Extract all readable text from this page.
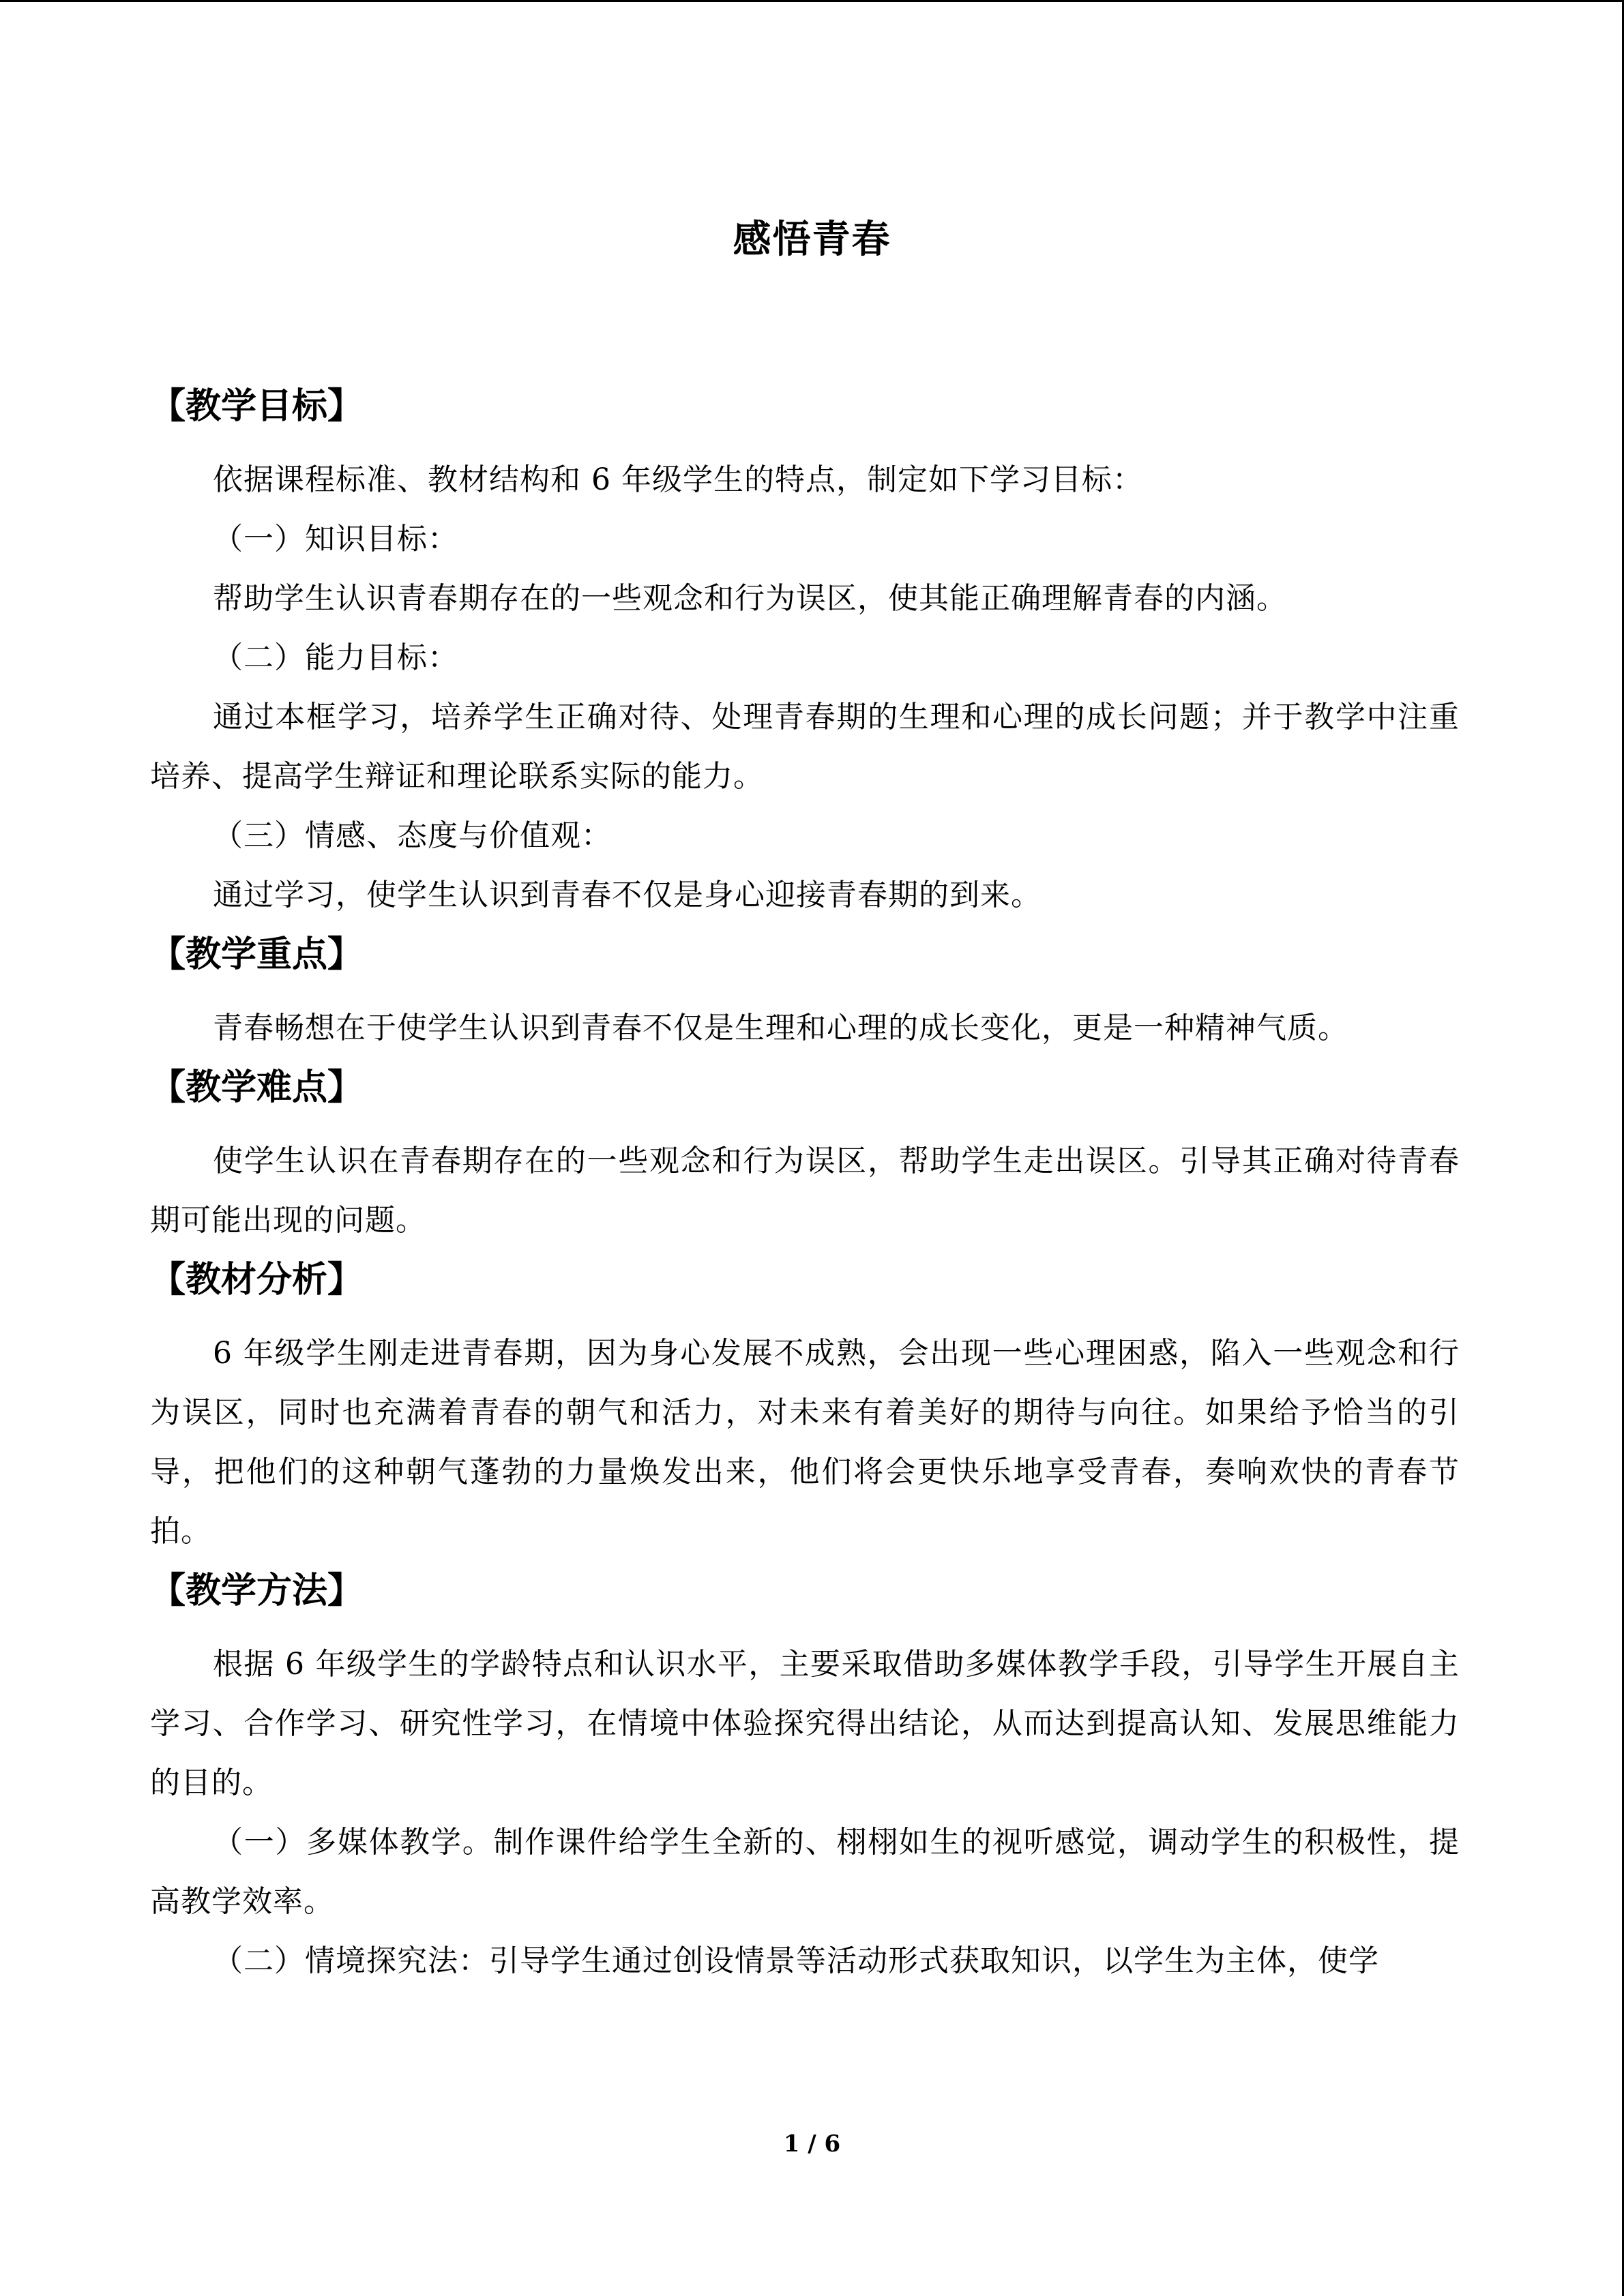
感悟青春
【教学目标】

依据课程标准、教材结构和 6 年级学生的特点，制定如下学习目标：

（一）知识目标：

帮助学生认识青春期存在的一些观念和行为误区，使其能正确理解青春的内涵。

（二）能力目标：

通过本框学习，培养学生正确对待、处理青春期的生理和心理的成长问题；并于教学中注重培养、提高学生辩证和理论联系实际的能力。

（三）情感、态度与价值观：

通过学习，使学生认识到青春不仅是身心迎接青春期的到来。

【教学重点】

青春畅想在于使学生认识到青春不仅是生理和心理的成长变化，更是一种精神气质。

【教学难点】

使学生认识在青春期存在的一些观念和行为误区，帮助学生走出误区。引导其正确对待青春期可能出现的问题。

【教材分析】

6 年级学生刚走进青春期，因为身心发展不成熟，会出现一些心理困惑，陷入一些观念和行为误区，同时也充满着青春的朝气和活力，对未来有着美好的期待与向往。如果给予恰当的引导，把他们的这种朝气蓬勃的力量焕发出来，他们将会更快乐地享受青春，奏响欢快的青春节拍。

【教学方法】

根据 6 年级学生的学龄特点和认识水平，主要采取借助多媒体教学手段，引导学生开展自主学习、合作学习、研究性学习，在情境中体验探究得出结论，从而达到提高认知、发展思维能力的目的。

（一）多媒体教学。制作课件给学生全新的、栩栩如生的视听感觉，调动学生的积极性，提高教学效率。

（二）情境探究法：引导学生通过创设情景等活动形式获取知识，以学生为主体，使学

1 / 6
